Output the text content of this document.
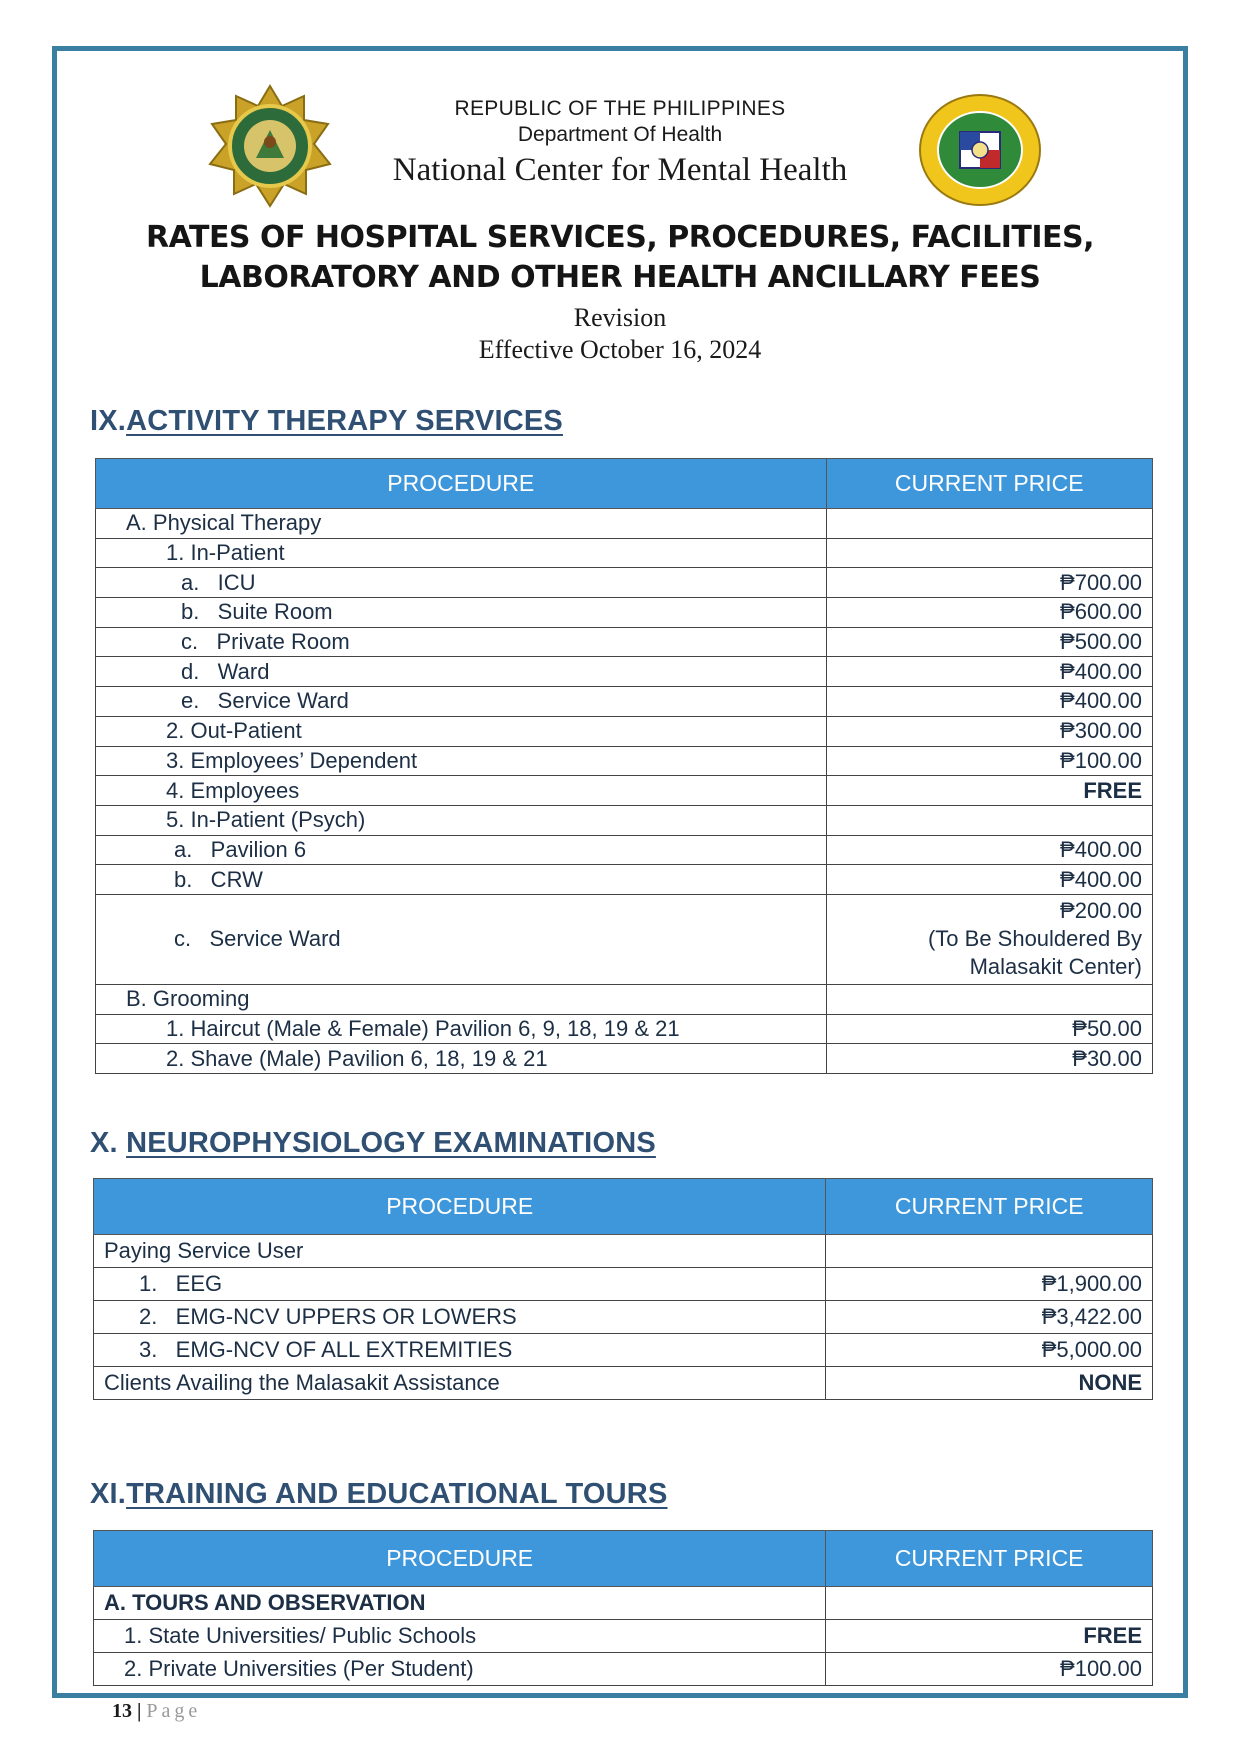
REPUBLIC OF THE PHILIPPINES
Department Of Health
National Center for Mental Health
RATES OF HOSPITAL SERVICES, PROCEDURES, FACILITIES,
LABORATORY AND OTHER HEALTH ANCILLARY FEES
Revision
Effective October 16, 2024
IX.ACTIVITY THERAPY SERVICES
PROCEDURE	CURRENT PRICE
A. Physical Therapy	
1. In-Patient	
a.   ICU	₱700.00
b.   Suite Room	₱600.00
c.   Private Room	₱500.00
d.   Ward	₱400.00
e.   Service Ward	₱400.00
2. Out-Patient	₱300.00
3. Employees’ Dependent	₱100.00
4. Employees	FREE
5. In-Patient (Psych)	
a.   Pavilion 6	₱400.00
b.   CRW	₱400.00
c.   Service Ward	₱200.00
(To Be Shouldered By
Malasakit Center)

B. Grooming	
1. Haircut (Male & Female) Pavilion 6, 9, 18, 19 & 21	₱50.00
2. Shave (Male) Pavilion 6, 18, 19 & 21	₱30.00
X. NEUROPHYSIOLOGY EXAMINATIONS
PROCEDURE	CURRENT PRICE
Paying Service User	
1.   EEG	₱1,900.00
2.   EMG-NCV UPPERS OR LOWERS	₱3,422.00
3.   EMG-NCV OF ALL EXTREMITIES	₱5,000.00
Clients Availing the Malasakit Assistance	NONE
XI.TRAINING AND EDUCATIONAL TOURS
PROCEDURE	CURRENT PRICE
A. TOURS AND OBSERVATION	
1. State Universities/ Public Schools	FREE
2. Private Universities (Per Student)	₱100.00
13 | Page
